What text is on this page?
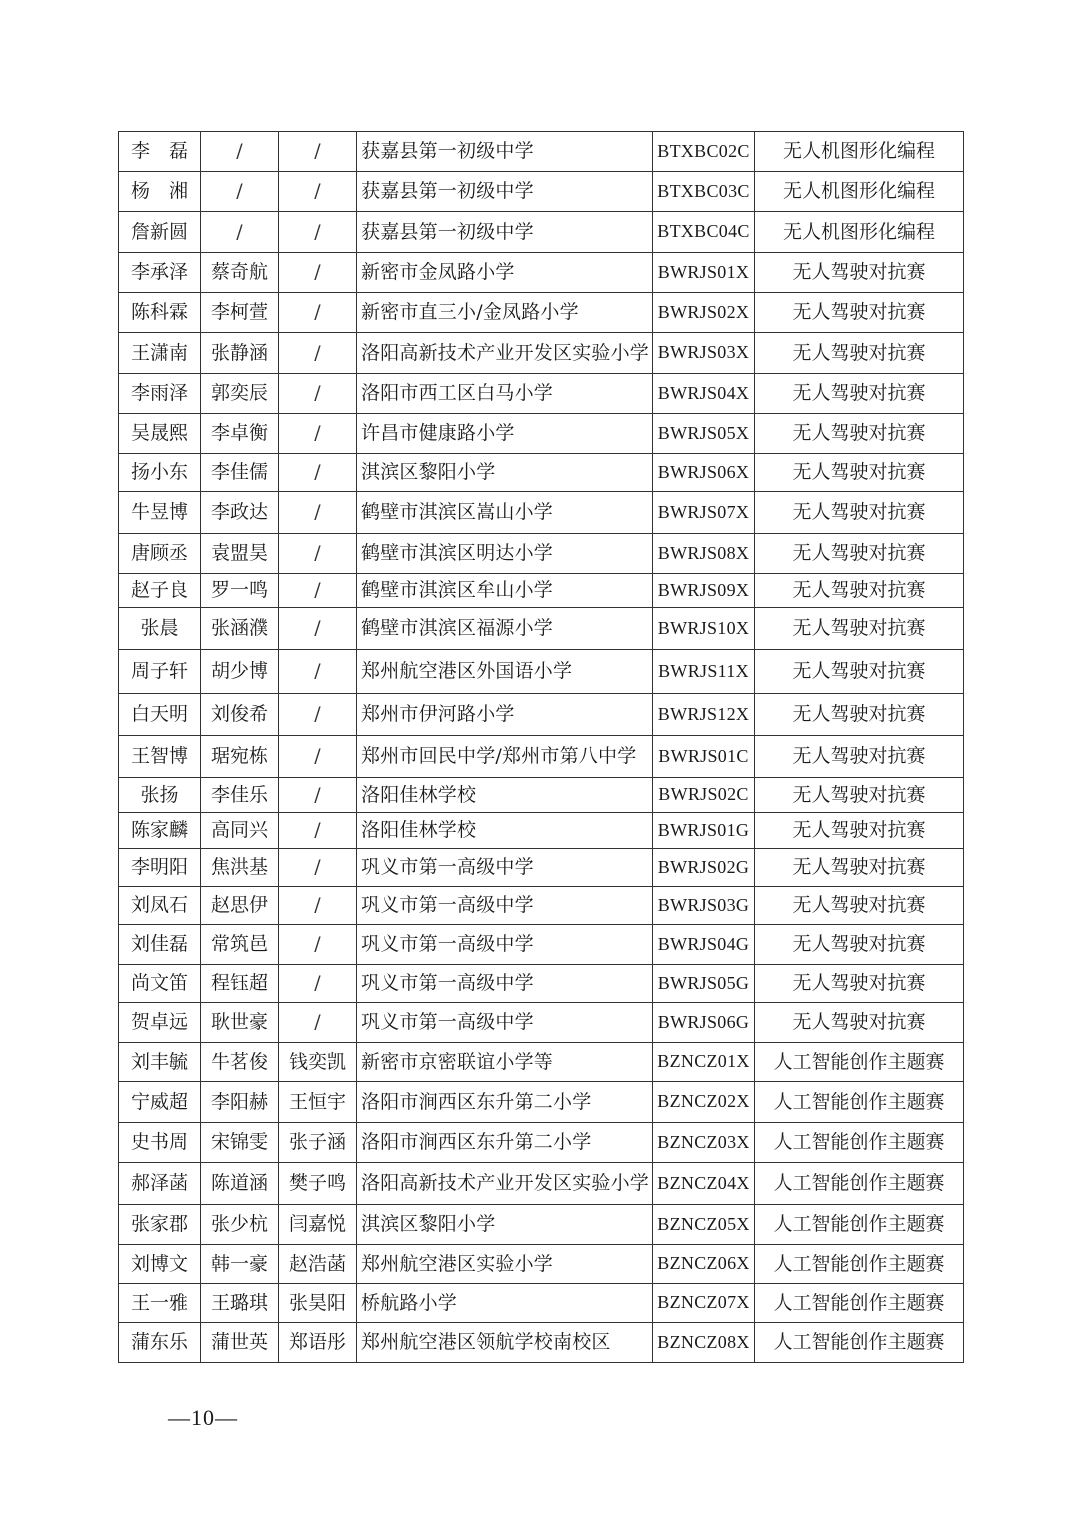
李　磊	/	/	获嘉县第一初级中学	BTXBC02C	无人机图形化编程
杨　湘	/	/	获嘉县第一初级中学	BTXBC03C	无人机图形化编程
詹新圆	/	/	获嘉县第一初级中学	BTXBC04C	无人机图形化编程
李承泽	蔡奇航	/	新密市金凤路小学	BWRJS01X	无人驾驶对抗赛
陈科霖	李柯萱	/	新密市直三小/金凤路小学	BWRJS02X	无人驾驶对抗赛
王潇南	张静涵	/	洛阳高新技术产业开发区实验小学	BWRJS03X	无人驾驶对抗赛
李雨泽	郭奕辰	/	洛阳市西工区白马小学	BWRJS04X	无人驾驶对抗赛
吴晟熙	李卓衡	/	许昌市健康路小学	BWRJS05X	无人驾驶对抗赛
扬小东	李佳儒	/	淇滨区黎阳小学	BWRJS06X	无人驾驶对抗赛
牛昱博	李政达	/	鹤壁市淇滨区嵩山小学	BWRJS07X	无人驾驶对抗赛
唐顾丞	袁盟昊	/	鹤壁市淇滨区明达小学	BWRJS08X	无人驾驶对抗赛
赵子良	罗一鸣	/	鹤壁市淇滨区牟山小学	BWRJS09X	无人驾驶对抗赛
张晨	张涵濮	/	鹤壁市淇滨区福源小学	BWRJS10X	无人驾驶对抗赛
周子轩	胡少博	/	郑州航空港区外国语小学	BWRJS11X	无人驾驶对抗赛
白天明	刘俊希	/	郑州市伊河路小学	BWRJS12X	无人驾驶对抗赛
王智博	琚宛栋	/	郑州市回民中学/郑州市第八中学	BWRJS01C	无人驾驶对抗赛
张扬	李佳乐	/	洛阳佳林学校	BWRJS02C	无人驾驶对抗赛
陈家麟	高同兴	/	洛阳佳林学校	BWRJS01G	无人驾驶对抗赛
李明阳	焦洪基	/	巩义市第一高级中学	BWRJS02G	无人驾驶对抗赛
刘凤石	赵思伊	/	巩义市第一高级中学	BWRJS03G	无人驾驶对抗赛
刘佳磊	常筑邑	/	巩义市第一高级中学	BWRJS04G	无人驾驶对抗赛
尚文笛	程钰超	/	巩义市第一高级中学	BWRJS05G	无人驾驶对抗赛
贺卓远	耿世豪	/	巩义市第一高级中学	BWRJS06G	无人驾驶对抗赛
刘丰毓	牛茗俊	钱奕凯	新密市京密联谊小学等	BZNCZ01X	人工智能创作主题赛
宁威超	李阳赫	王恒宇	洛阳市涧西区东升第二小学	BZNCZ02X	人工智能创作主题赛
史书周	宋锦雯	张子涵	洛阳市涧西区东升第二小学	BZNCZ03X	人工智能创作主题赛
郝泽菡	陈道涵	樊子鸣	洛阳高新技术产业开发区实验小学	BZNCZ04X	人工智能创作主题赛
张家郡	张少杭	闫嘉悦	淇滨区黎阳小学	BZNCZ05X	人工智能创作主题赛
刘博文	韩一豪	赵浩菡	郑州航空港区实验小学	BZNCZ06X	人工智能创作主题赛
王一雅	王璐琪	张昊阳	桥航路小学	BZNCZ07X	人工智能创作主题赛
蒲东乐	蒲世英	郑语彤	郑州航空港区领航学校南校区	BZNCZ08X	人工智能创作主题赛
—10—
